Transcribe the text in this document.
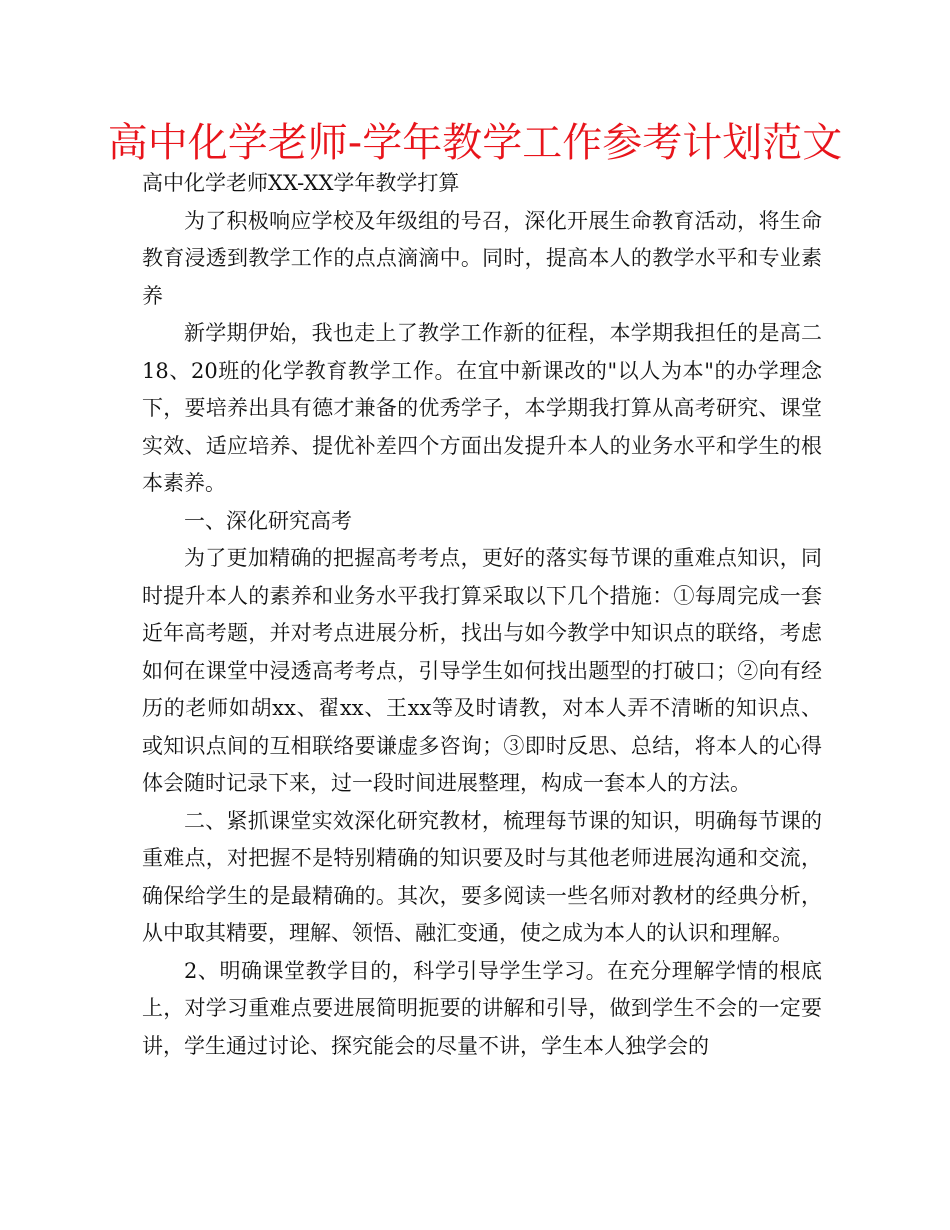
高中化学老师-学年教学工作参考计划范文

高中化学老师XX-XX学年教学打算

为了积极响应学校及年级组的号召，深化开展生命教育活动，将生命教育浸透到教学工作的点点滴滴中。同时，提高本人的教学水平和专业素养

新学期伊始，我也走上了教学工作新的征程，本学期我担任的是高二18、20班的化学教育教学工作。在宜中新课改的"以人为本"的办学理念下，要培养出具有德才兼备的优秀学子，本学期我打算从高考研究、课堂实效、适应培养、提优补差四个方面出发提升本人的业务水平和学生的根本素养。

一、深化研究高考

为了更加精确的把握高考考点，更好的落实每节课的重难点知识，同时提升本人的素养和业务水平我打算采取以下几个措施：①每周完成一套近年高考题，并对考点进展分析，找出与如今教学中知识点的联络，考虑如何在课堂中浸透高考考点，引导学生如何找出题型的打破口；②向有经历的老师如胡xx、翟xx、王xx等及时请教，对本人弄不清晰的知识点、或知识点间的互相联络要谦虚多咨询；③即时反思、总结，将本人的心得体会随时记录下来，过一段时间进展整理，构成一套本人的方法。

二、紧抓课堂实效深化研究教材，梳理每节课的知识，明确每节课的重难点，对把握不是特别精确的知识要及时与其他老师进展沟通和交流，确保给学生的是最精确的。其次，要多阅读一些名师对教材的经典分析，从中取其精要，理解、领悟、融汇变通，使之成为本人的认识和理解。

2、明确课堂教学目的，科学引导学生学习。在充分理解学情的根底上，对学习重难点要进展简明扼要的讲解和引导，做到学生不会的一定要讲，学生通过讨论、探究能会的尽量不讲，学生本人独学会的
